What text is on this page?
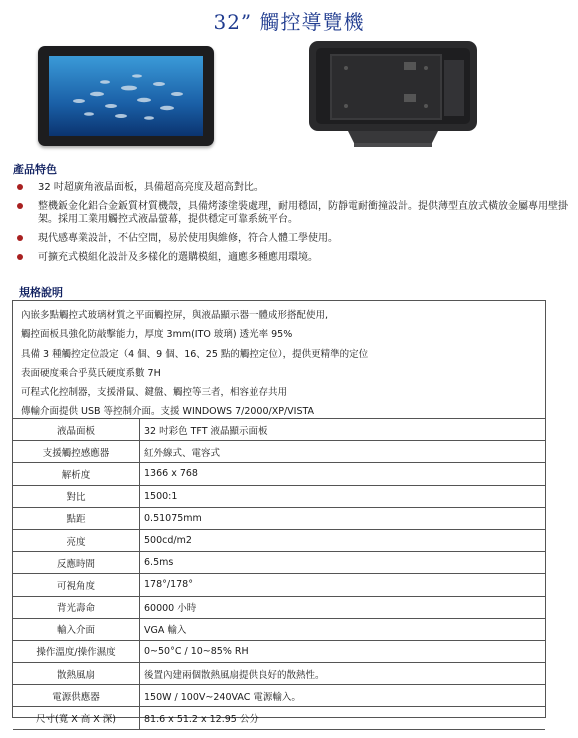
32” 觸控導覽機
產品特色
32 吋超廣角液晶面板，具備超高亮度及超高對比。
整機鈑金化鋁合金鈑質材質機殼，具備烤漆塗裝處理，耐用穩固，防靜電耐衝撞設計。提供薄型直放式橫放金屬專用壁掛架。採用工業用觸控式液晶螢幕，提供穩定可靠系統平台。
現代感專業設計，不佔空間，易於使用與維修，符合人體工學使用。
可擴充式模組化設計及多樣化的選購模組，適應多種應用環境。
規格說明
內嵌多點觸控式玻璃材質之平面觸控屏，與液晶顯示器一體成形搭配使用,
觸控面板具強化防敲擊能力，厚度 3mm(ITO 玻璃) 透光率 95%
具備 3 種觸控定位設定（4 個、9 個、16、25 點的觸控定位），提供更精準的定位
表面硬度乘合乎莫氏硬度系數 7H
可程式化控制器，支援滑鼠、鍵盤、觸控等三者，相容並存共用
傳輸介面提供 USB 等控制介面。支援 WINDOWS 7/2000/XP/VISTA
液晶面板	32 吋彩色 TFT 液晶顯示面板
支援觸控感應器	紅外線式、電容式
解析度	1366 x 768
對比	1500:1
點距	0.51075mm
亮度	500cd/m2
反應時間	6.5ms
可視角度	178°/178°
背光壽命	60000 小時
輸入介面	VGA 輸入
操作溫度/操作濕度	0~50°C / 10~85% RH
散熱風扇	後置內建兩個散熱風扇提供良好的散熱性。
電源供應器	150W / 100V~240VAC 電源輸入。
尺寸(寬 X 高 X 深)	81.6 x 51.2 x 12.95 公分
